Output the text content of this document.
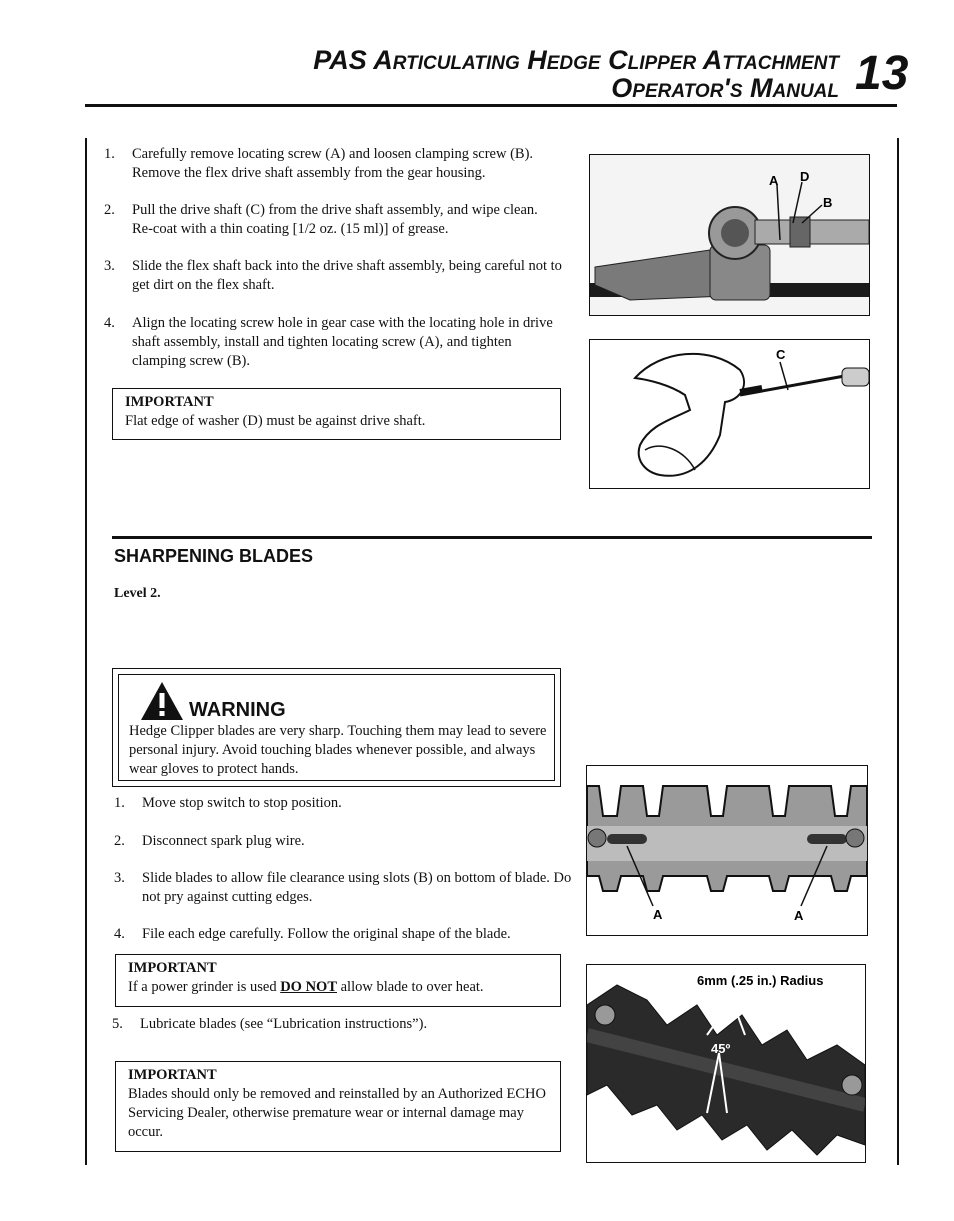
PAS Articulating Hedge Clipper Attachment
Operator's Manual 13
1. Carefully remove locating screw (A) and loosen clamping screw (B). Remove the flex drive shaft assembly from the gear housing.
2. Pull the drive shaft (C) from the drive shaft assembly, and wipe clean. Re-coat with a thin coating [1/2 oz. (15 ml)] of grease.
3. Slide the flex shaft back into the drive shaft assembly, being careful not to get dirt on the flex shaft.
4. Align the locating screw hole in gear case with the locating hole in drive shaft assembly, install and tighten locating screw (A), and tighten clamping screw (B).
IMPORTANT
Flat edge of washer (D) must be against drive shaft.
A D
B
C
SHARPENING BLADES
Level 2.
WARNING
Hedge Clipper blades are very sharp. Touching them may lead to severe personal injury. Avoid touching blades whenever possible, and always wear gloves to protect hands.
1. Move stop switch to stop position.
2. Disconnect spark plug wire.
3. Slide blades to allow file clearance using slots (B) on bottom of blade. Do not pry against cutting edges.
4. File each edge carefully. Follow the original shape of the blade.
IMPORTANT
If a power grinder is used DO NOT allow blade to over heat.
5. Lubricate blades (see “Lubrication instructions”).
IMPORTANT
Blades should only be removed and reinstalled by an Authorized ECHO Servicing Dealer, otherwise premature wear or internal damage may occur.
A	A
6mm (.25 in.) Radius
45º
